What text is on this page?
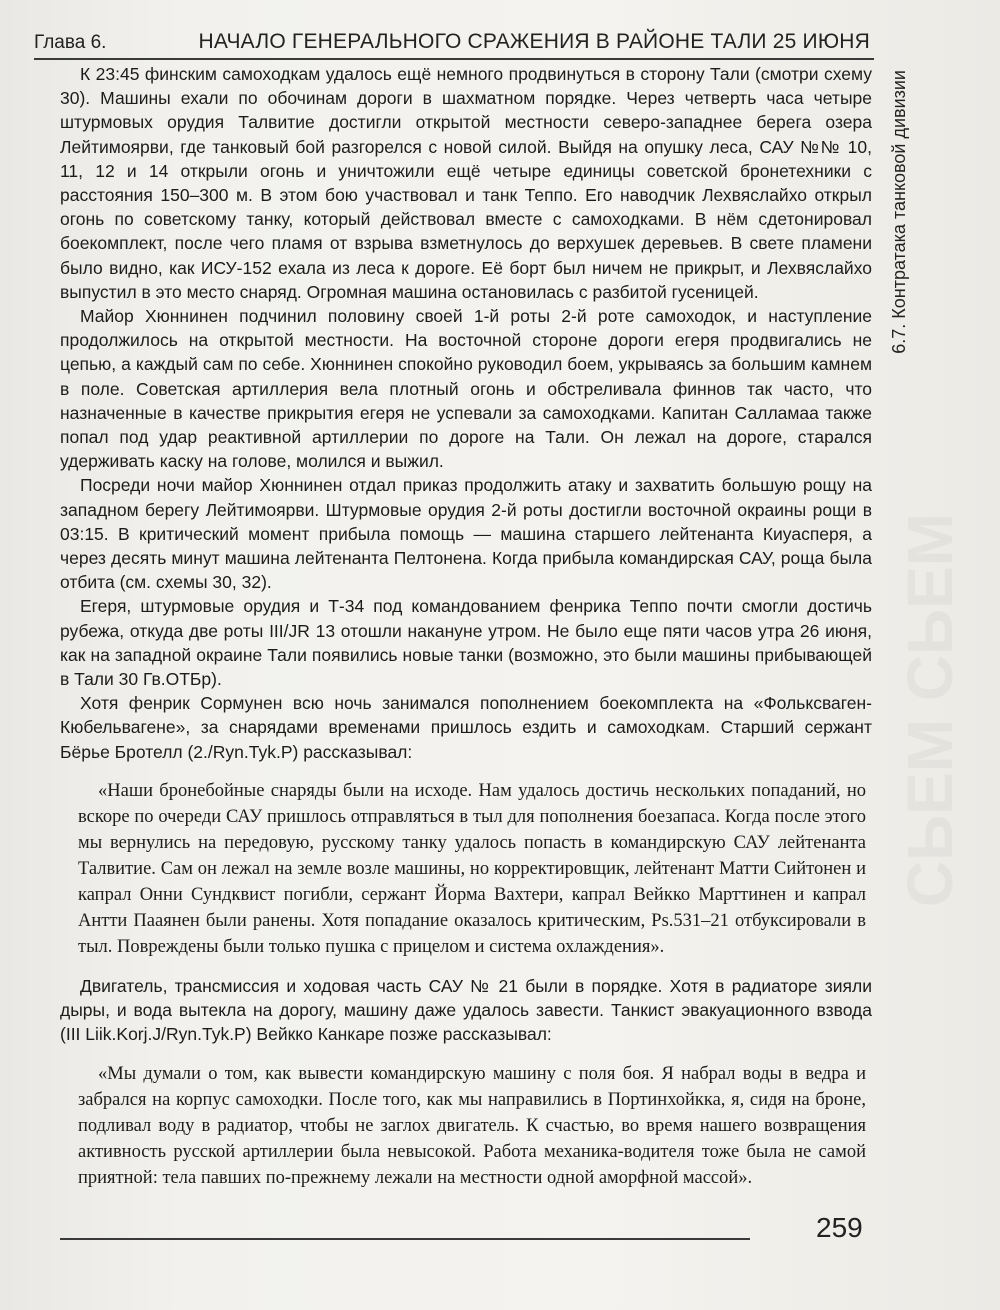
Глава 6.	НАЧАЛО ГЕНЕРАЛЬНОГО СРАЖЕНИЯ В РАЙОНЕ ТАЛИ 25 ИЮНЯ
6.7. Контратака танковой дивизии
СЬЕМ СЬЕМ

К 23:45 финским самоходкам удалось ещё немного продвинуться в сторону Тали (смотри схему 30). Машины ехали по обочинам дороги в шахматном порядке. Через четверть часа четыре штурмовых орудия Талвитие достигли открытой местности северо-западнее берега озера Лейтимоярви, где танковый бой разгорелся с новой силой. Выйдя на опушку леса, САУ №№ 10, 11, 12 и 14 открыли огонь и уничтожили ещё четыре единицы советской бронетехники с расстояния 150–300 м. В этом бою участвовал и танк Теппо. Его наводчик Лехвяслайхо открыл огонь по советскому танку, который действовал вместе с самоходками. В нём сдетонировал боекомплект, после чего пламя от взрыва взметнулось до верхушек деревьев. В свете пламени было видно, как ИСУ-152 ехала из леса к дороге. Её борт был ничем не прикрыт, и Лехвяслайхо выпустил в это место снаряд. Огромная машина остановилась с разбитой гусеницей.

Майор Хюннинен подчинил половину своей 1-й роты 2-й роте самоходок, и наступление продолжилось на открытой местности. На восточной стороне дороги егеря продвигались не цепью, а каждый сам по себе. Хюннинен спокойно руководил боем, укрываясь за большим камнем в поле. Советская артиллерия вела плотный огонь и обстреливала финнов так часто, что назначенные в качестве прикрытия егеря не успевали за самоходками. Капитан Салламаа также попал под удар реактивной артиллерии по дороге на Тали. Он лежал на дороге, старался удерживать каску на голове, молился и выжил.

Посреди ночи майор Хюннинен отдал приказ продолжить атаку и захватить большую рощу на западном берегу Лейтимоярви. Штурмовые орудия 2-й роты достигли восточной окраины рощи в 03:15. В критический момент прибыла помощь — машина старшего лейтенанта Киуасперя, а через десять минут машина лейтенанта Пелтонена. Когда прибыла командирская САУ, роща была отбита (см. схемы 30, 32).

Егеря, штурмовые орудия и Т-34 под командованием фенрика Теппо почти смогли достичь рубежа, откуда две роты III/JR 13 отошли накануне утром. Не было еще пяти часов утра 26 июня, как на западной окраине Тали появились новые танки (возможно, это были машины прибывающей в Тали 30 Гв.ОТБр).

Хотя фенрик Сормунен всю ночь занимался пополнением боекомплекта на «Фольксваген-Кюбельвагене», за снарядами временами пришлось ездить и самоходкам. Старший сержант Бёрье Бротелл (2./Ryn.Tyk.P) рассказывал:

«Наши бронебойные снаряды были на исходе. Нам удалось достичь нескольких попаданий, но вскоре по очереди САУ пришлось отправляться в тыл для пополнения боезапаса. Когда после этого мы вернулись на передовую, русскому танку удалось попасть в командирскую САУ лейтенанта Талвитие. Сам он лежал на земле возле машины, но корректировщик, лейтенант Матти Сийтонен и капрал Онни Сундквист погибли, сержант Йорма Вахтери, капрал Вейкко Марттинен и капрал Антти Пааянен были ранены. Хотя попадание оказалось критическим, Ps.531–21 отбуксировали в тыл. Повреждены были только пушка с прицелом и система охлаждения».

Двигатель, трансмиссия и ходовая часть САУ № 21 были в порядке. Хотя в радиаторе зияли дыры, и вода вытекла на дорогу, машину даже удалось завести. Танкист эвакуационного взвода (III Liik.Korj.J/Ryn.Tyk.P) Вейкко Канкаре позже рассказывал:

«Мы думали о том, как вывести командирскую машину с поля боя. Я набрал воды в ведра и забрался на корпус самоходки. После того, как мы направились в Портинхойкка, я, сидя на броне, подливал воду в радиатор, чтобы не заглох двигатель. К счастью, во время нашего возвращения активность русской артиллерии была невысокой. Работа механика-водителя тоже была не самой приятной: тела павших по-прежнему лежали на местности одной аморфной массой».

259
